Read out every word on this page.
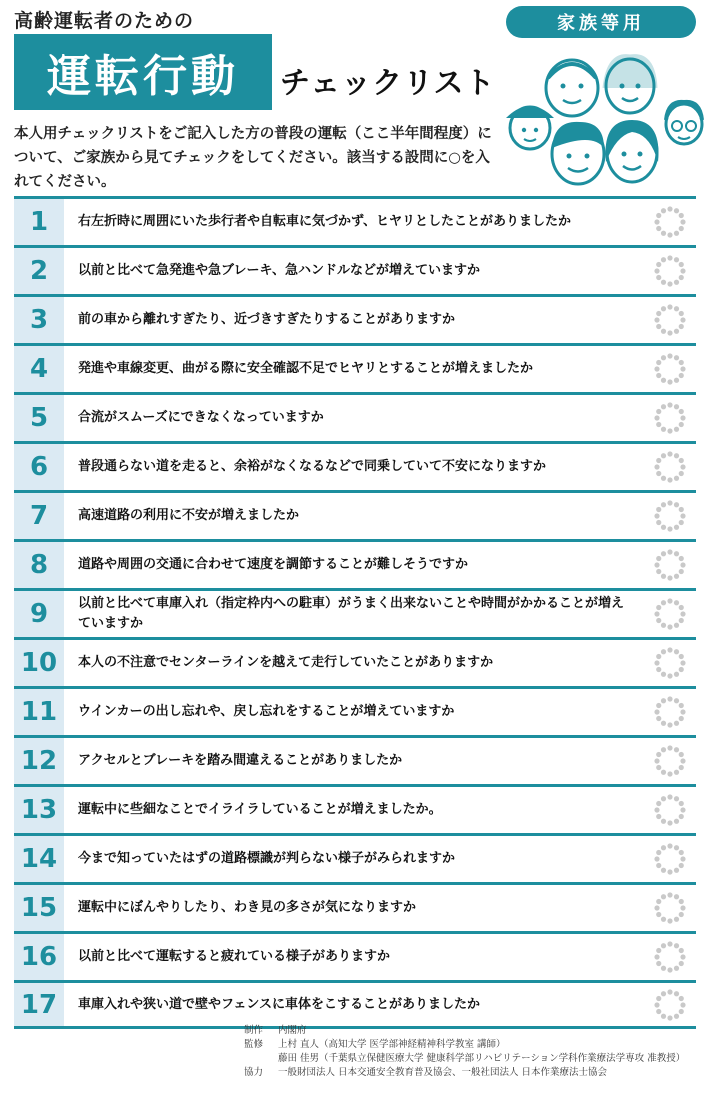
高齢運転者のための
運転行動 チェックリスト
家族等用
本人用チェックリストをご記入した方の普段の運転（ここ半年間程度）について、ご家族から見てチェックをしてください。該当する設問に○を入れてください。
1	右左折時に周囲にいた歩行者や自転車に気づかず、ヒヤリとしたことがありましたか
2	以前と比べて急発進や急ブレーキ、急ハンドルなどが増えていますか
3	前の車から離れすぎたり、近づきすぎたりすることがありますか
4	発進や車線変更、曲がる際に安全確認不足でヒヤリとすることが増えましたか
5	合流がスムーズにできなくなっていますか
6	普段通らない道を走ると、余裕がなくなるなどで同乗していて不安になりますか
7	高速道路の利用に不安が増えましたか
8	道路や周囲の交通に合わせて速度を調節することが難しそうですか
9	以前と比べて車庫入れ（指定枠内への駐車）がうまく出来ないことや時間がかかることが増えていますか
10	本人の不注意でセンターラインを越えて走行していたことがありますか
11	ウインカーの出し忘れや、戻し忘れをすることが増えていますか
12	アクセルとブレーキを踏み間違えることがありましたか
13	運転中に些細なことでイライラしていることが増えましたか。
14	今まで知っていたはずの道路標識が判らない様子がみられますか
15	運転中にぼんやりしたり、わき見の多さが気になりますか
16	以前と比べて運転すると疲れている様子がありますか
17	車庫入れや狭い道で壁やフェンスに車体をこすることがありましたか
制作	内閣府
監修	上村 直人（高知大学 医学部神経精神科学教室 講師）
藤田 佳男（千葉県立保健医療大学 健康科学部リハビリテーション学科作業療法学専攻 准教授）
協力	一般財団法人 日本交通安全教育普及協会、一般社団法人 日本作業療法士協会
